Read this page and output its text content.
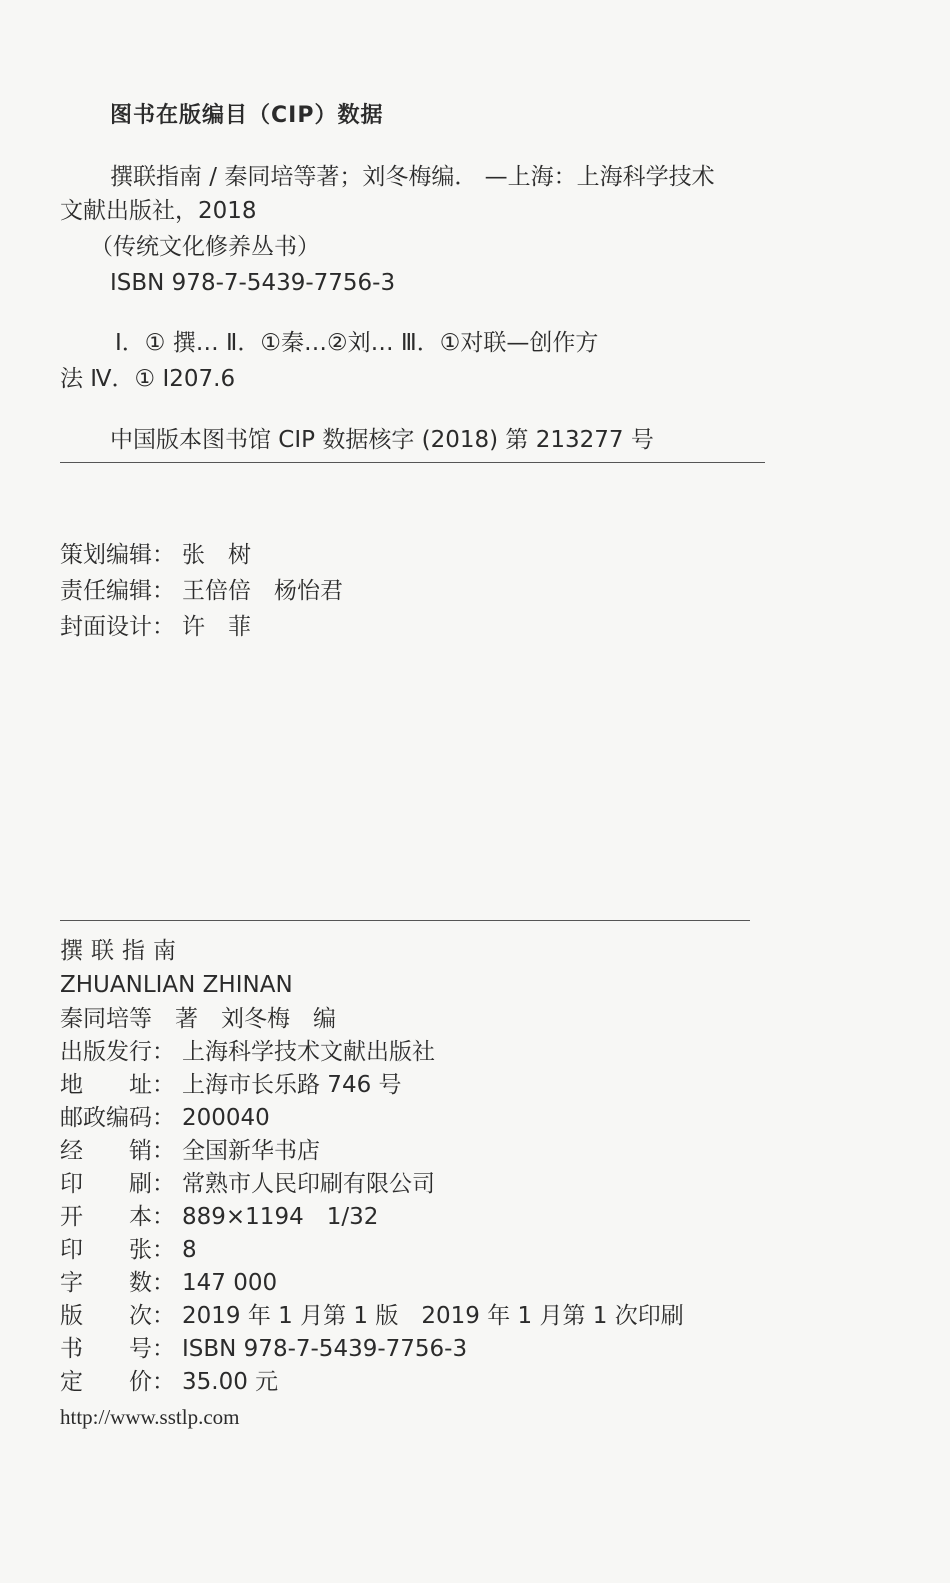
图书在版编目（CIP）数据
撰联指南 / 秦同培等著；刘冬梅编． —上海：上海科学技术
文献出版社，2018
（传统文化修养丛书）
ISBN 978-7-5439-7756-3
Ⅰ．① 撰… Ⅱ．①秦…②刘… Ⅲ．①对联—创作方
法 Ⅳ．① I207.6
中国版本图书馆 CIP 数据核字 (2018) 第 213277 号
策划编辑： 张　树
责任编辑： 王倍倍　杨怡君
封面设计： 许　菲
撰联指南
ZHUANLIAN ZHINAN
秦同培等　著　刘冬梅　编
出版发行： 上海科学技术文献出版社
地　　址： 上海市长乐路 746 号
邮政编码： 200040
经　　销： 全国新华书店
印　　刷： 常熟市人民印刷有限公司
开　　本： 889×1194　1/32
印　　张： 8
字　　数： 147 000
版　　次： 2019 年 1 月第 1 版　2019 年 1 月第 1 次印刷
书　　号： ISBN 978-7-5439-7756-3
定　　价： 35.00 元
http://www.sstlp.com
